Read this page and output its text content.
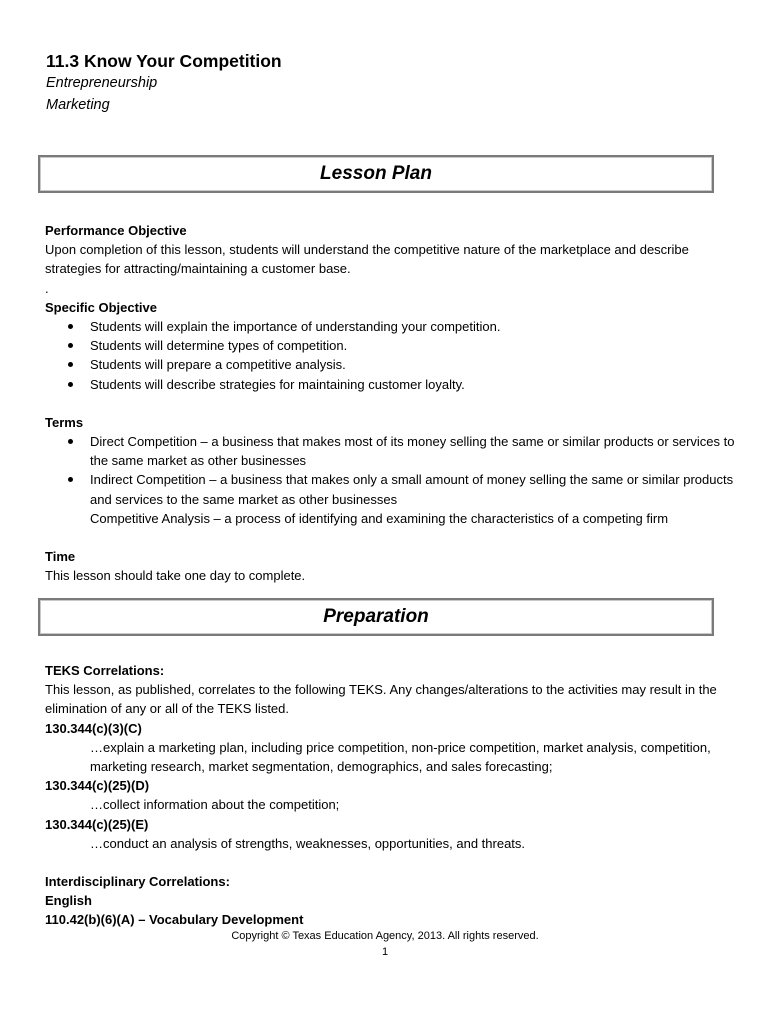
11.3 Know Your Competition
Entrepreneurship
Marketing
Lesson Plan
Performance Objective

Upon completion of this lesson, students will understand the competitive nature of the marketplace and describe strategies for attracting/maintaining a customer base.

.
Specific Objective
Students will explain the importance of understanding your competition.
Students will determine types of competition.
Students will prepare a competitive analysis.
Students will describe strategies for maintaining customer loyalty.
Terms
Direct Competition – a business that makes most of its money selling the same or similar products or services to the same market as other businesses
Indirect Competition – a business that makes only a small amount of money selling the same or similar products and services to the same market as other businesses
Competitive Analysis – a process of identifying and examining the characteristics of a competing firm
Time
This lesson should take one day to complete.
Preparation
TEKS Correlations:

This lesson, as published, correlates to the following TEKS. Any changes/alterations to the activities may result in the elimination of any or all of the TEKS listed.

130.344(c)(3)(C)
…explain a marketing plan, including price competition, non-price competition, market analysis, competition, marketing research, market segmentation, demographics, and sales forecasting;
130.344(c)(25)(D)
…collect information about the competition;
130.344(c)(25)(E)
…conduct an analysis of strengths, weaknesses, opportunities, and threats.
Interdisciplinary Correlations:
English
110.42(b)(6)(A) – Vocabulary Development
Copyright © Texas Education Agency, 2013. All rights reserved.
1
